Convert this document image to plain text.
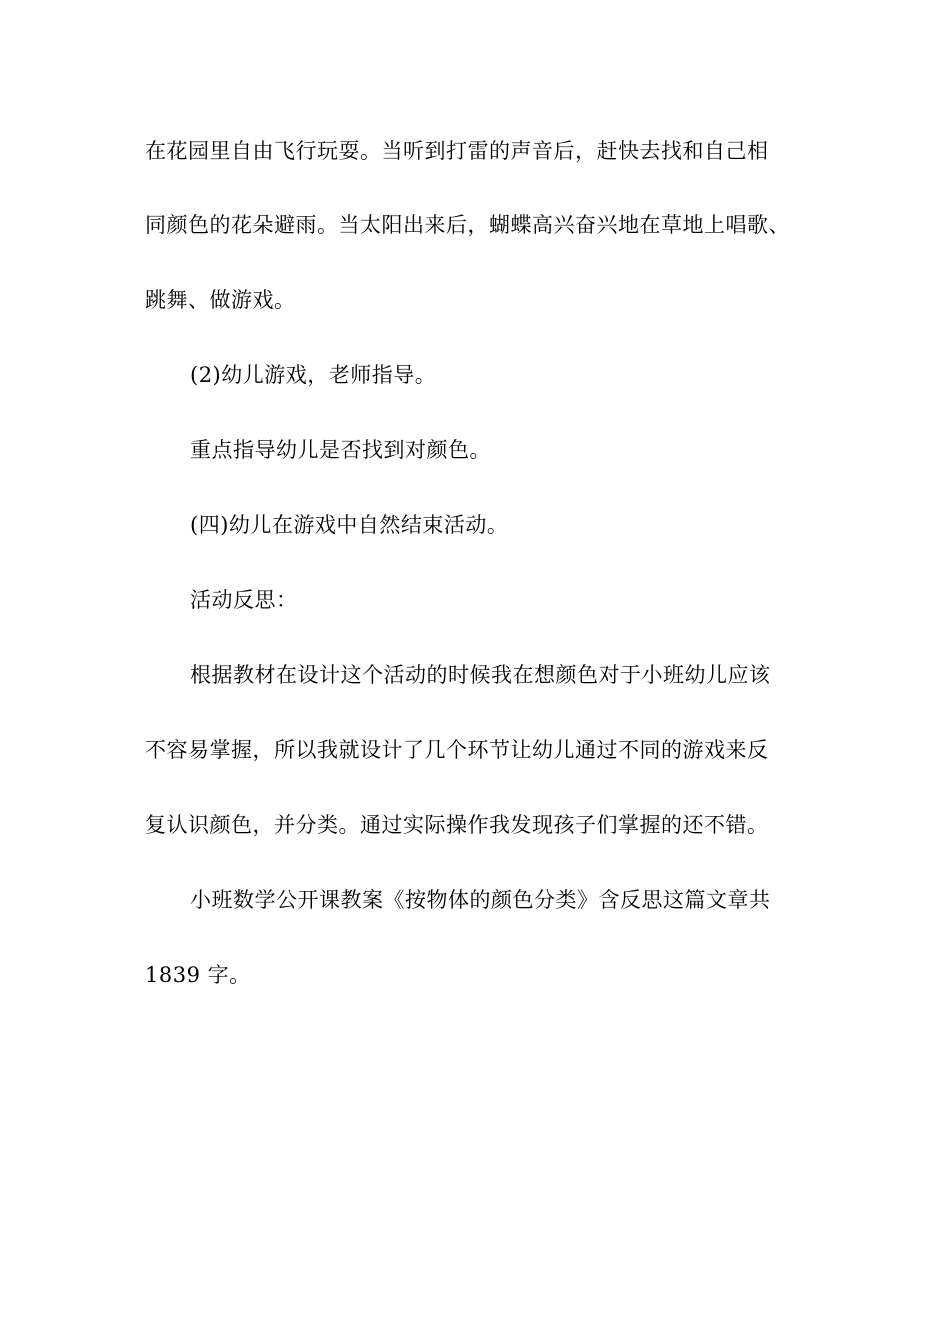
在花园里自由飞行玩耍。当听到打雷的声音后，赶快去找和自己相
同颜色的花朵避雨。当太阳出来后，蝴蝶高兴奋兴地在草地上唱歌、
跳舞、做游戏。
(2)幼儿游戏，老师指导。
重点指导幼儿是否找到对颜色。
(四)幼儿在游戏中自然结束活动。
活动反思：
根据教材在设计这个活动的时候我在想颜色对于小班幼儿应该
不容易掌握，所以我就设计了几个环节让幼儿通过不同的游戏来反
复认识颜色，并分类。通过实际操作我发现孩子们掌握的还不错。
小班数学公开课教案《按物体的颜色分类》含反思这篇文章共
1839 字。
